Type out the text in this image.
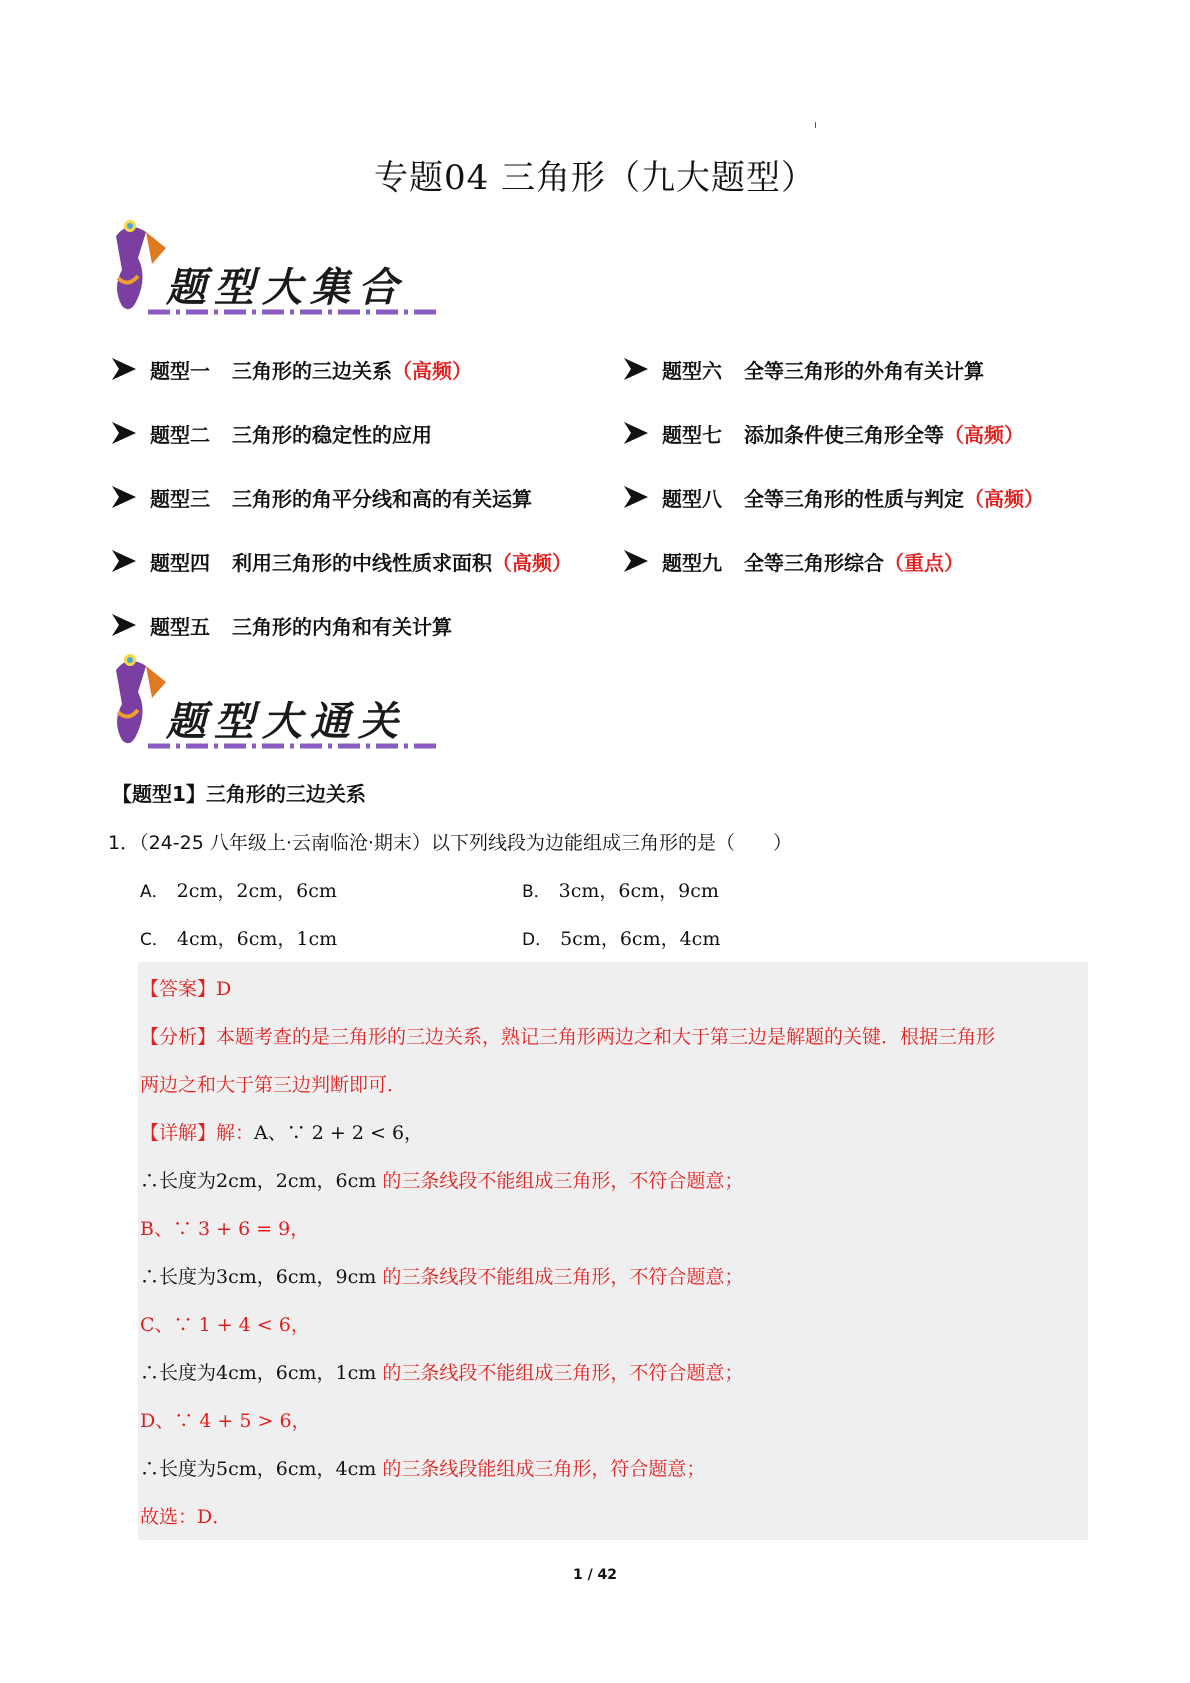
专题04 三角形（九大题型）
题型大集合
题型一 三角形的三边关系 （高频）
题型二 三角形的稳定性的应用
题型三 三角形的角平分线和高的有关运算
题型四 利用三角形的中线性质求面积 （高频）
题型五 三角形的内角和有关计算
题型六 全等三角形的外角有关计算
题型七 添加条件使三角形全等 （高频）
题型八 全等三角形的性质与判定 （高频）
题型九 全等三角形综合 （重点）
题型大通关
【题型1】三角形的三边关系
1．（24-25 八年级上·云南临沧·期末）以下列线段为边能组成三角形的是（　　）
A． 2cm，2cm，6cm	B． 3cm，6cm，9cm
C． 4cm，6cm，1cm	D． 5cm，6cm，4cm
【答案】D
【分析】本题考查的是三角形的三边关系，熟记三角形两边之和大于第三边是解题的关键．根据三角形
两边之和大于第三边判断即可．
【详解】解：A、∵ 2 + 2 < 6，
∴长度为2cm，2cm，6cm 的三条线段不能组成三角形，不符合题意；
B、∵ 3 + 6 = 9，
∴长度为3cm，6cm，9cm 的三条线段不能组成三角形，不符合题意；
C、∵ 1 + 4 < 6，
∴长度为4cm，6cm，1cm 的三条线段不能组成三角形，不符合题意；
D、∵ 4 + 5 > 6，
∴长度为5cm，6cm，4cm 的三条线段能组成三角形，符合题意；
故选：D．
1 / 42
